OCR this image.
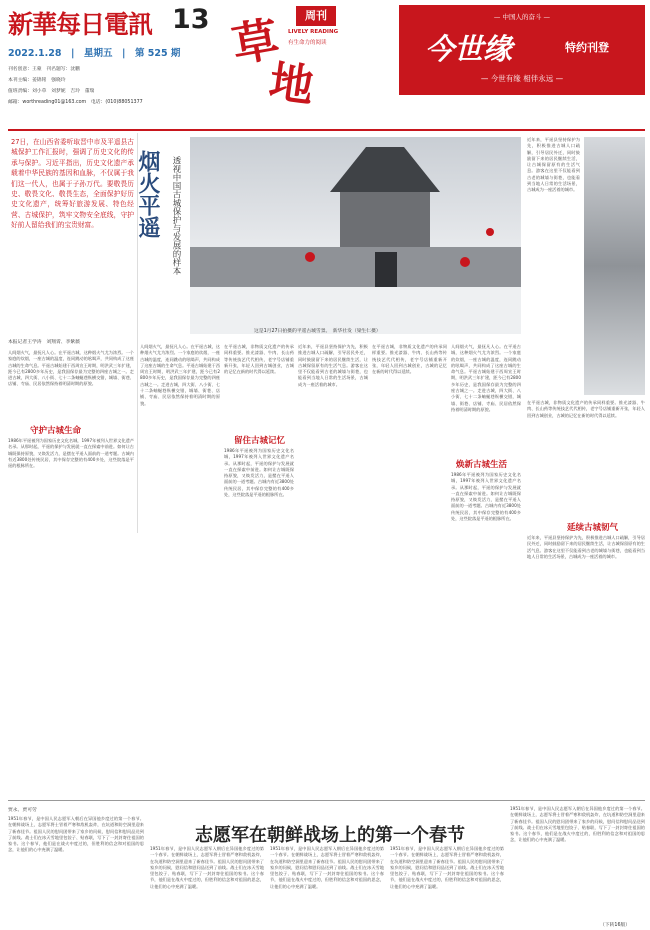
新華每日電訊 13
2022.1.28　|　星期五　|　第 525 期
刊名创意：王蒙　刊名题写：沈鹏
本刊主编：姜锦铭　强晓玲
值班责编：刘小草　刘梦妮　吉玲　董瑞
邮箱：worthreading01@163.com　电话：(010)88051377
草	周刊
LIVELY READING
有生命力的阅读
地
— 中国人的奋斗 —
今世缘	特约刊登
— 今世有缘 相伴永远 —
27日，在山西省委听取晋中市及平遥县古城保护工作汇报时，强调了历史文化的传承与保护。习近平指出，历史文化遗产承载着中华民族的基因和血脉，不仅属于我们这一代人，也属于子孙万代。要敬畏历史、敬畏文化、敬畏生态，全面保护好历史文化遗产，统筹好旅游发展、特色经营、古城保护，筑牢文物安全底线，守护好前人留给我们的宝贵财富。
本报记者王学涛　刘翔霄、李紫薇
人间烟火气，最抚凡人心。在平遥古城，这种烟火气尤为浓烈。一个家庭的炊烟，一座古城的温度，连同跳动的吆喝声，共同构成了这座古城的生命气息。平遥古城始建于西周宣王时期，明洪武三年扩建，距今已有2800多年历史，是我国保存最为完整的四座古城之一。走进古城，四大街、八小街、七十二条蚰蜒巷纵横交错，城墙、街巷、店铺、寺庙、民居依然保持着明清时期的原貌。
守护古城生命
1986年平遥被列为国家历史文化名城，1997年被列入世界文化遗产名录。从那时起，平遥的保护与发展就一直在探索中前进。如何让古城既保持原貌，又焕发活力，是摆在平遥人面前的一道考题。古城内有近3800处传统民居，其中保存完整的有400多处，这些院落是平遥的根脉所在。
烟火平遥 透视中国古城保护与发展的样本
这是1月27日拍摄的平遥古城雪景。　新华社发（梁生仁摄）
近年来，平遥县坚持保护为先，积极推进古城人口疏解，引导居民外迁，同时鼓励留下来的居民继续生活，让古城保留原有的生活气息。游客在这里不仅能看到古老的城墙与街巷，也能看到当地人日常的生活场景，古城成为一座活着的城市。
人间烟火气，最抚凡人心。在平遥古城，这种烟火气尤为浓烈。一个家庭的炊烟，一座古城的温度，连同跳动的吆喝声，共同构成了这座古城的生命气息。平遥古城始建于西周宣王时期，明洪武三年扩建，距今已有2800多年历史，是我国保存最为完整的四座古城之一。走进古城，四大街、八小街、七十二条蚰蜒巷纵横交错，城墙、街巷、店铺、寺庙、民居依然保持着明清时期的原貌。
在平遥古城，非物质文化遗产的传承同样重要。推光漆器、牛肉、长山药等传统技艺代代相传，老字号店铺重新开张，年轻人回到古城创业，古城的记忆在新的时代得以延续。
留住古城记忆
1986年平遥被列为国家历史文化名城，1997年被列入世界文化遗产名录。从那时起，平遥的保护与发展就一直在探索中前进。如何让古城既保持原貌，又焕发活力，是摆在平遥人面前的一道考题。古城内有近3800处传统民居，其中保存完整的有400多处，这些院落是平遥的根脉所在。
近年来，平遥县坚持保护为先，积极推进古城人口疏解，引导居民外迁，同时鼓励留下来的居民继续生活，让古城保留原有的生活气息。游客在这里不仅能看到古老的城墙与街巷，也能看到当地人日常的生活场景，古城成为一座活着的城市。
在平遥古城，非物质文化遗产的传承同样重要。推光漆器、牛肉、长山药等传统技艺代代相传，老字号店铺重新开张，年轻人回到古城创业，古城的记忆在新的时代得以延续。
人间烟火气，最抚凡人心。在平遥古城，这种烟火气尤为浓烈。一个家庭的炊烟，一座古城的温度，连同跳动的吆喝声，共同构成了这座古城的生命气息。平遥古城始建于西周宣王时期，明洪武三年扩建，距今已有2800多年历史，是我国保存最为完整的四座古城之一。走进古城，四大街、八小街、七十二条蚰蜒巷纵横交错，城墙、街巷、店铺、寺庙、民居依然保持着明清时期的原貌。
焕新古城生活
1986年平遥被列为国家历史文化名城，1997年被列入世界文化遗产名录。从那时起，平遥的保护与发展就一直在探索中前进。如何让古城既保持原貌，又焕发活力，是摆在平遥人面前的一道考题。古城内有近3800处传统民居，其中保存完整的有400多处，这些院落是平遥的根脉所在。
在平遥古城，非物质文化遗产的传承同样重要。推光漆器、牛肉、长山药等传统技艺代代相传，老字号店铺重新开张，年轻人回到古城创业，古城的记忆在新的时代得以延续。
延续古城韧气
近年来，平遥县坚持保护为先，积极推进古城人口疏解，引导居民外迁，同时鼓励留下来的居民继续生活，让古城保留原有的生活气息。游客在这里不仅能看到古老的城墙与街巷，也能看到当地人日常的生活场景，古城成为一座活着的城市。
贾永、贾可劳
志愿军在朝鲜战场上的第一个春节
1951年春节，是中国人民志愿军入朝后在异国他乡度过的第一个春节。在朝鲜战场上，志愿军将士冒着严寒和敌机轰炸，在坑道和防空洞里迎来了新春佳节。祖国人民的慰问团带来了家乡的问候，慰问信和慰问品送到了前线。战士们在冰天雪地里包饺子、贴春联，写下了一封封寄往祖国的家书。这个春节，他们是在战火中度过的，但胜利的信念和对祖国的思念，让他们的心中充满了温暖。	1951年春节，是中国人民志愿军入朝后在异国他乡度过的第一个春节。在朝鲜战场上，志愿军将士冒着严寒和敌机轰炸，在坑道和防空洞里迎来了新春佳节。祖国人民的慰问团带来了家乡的问候，慰问信和慰问品送到了前线。战士们在冰天雪地里包饺子、贴春联，写下了一封封寄往祖国的家书。这个春节，他们是在战火中度过的，但胜利的信念和对祖国的思念，让他们的心中充满了温暖。
1951年春节，是中国人民志愿军入朝后在异国他乡度过的第一个春节。在朝鲜战场上，志愿军将士冒着严寒和敌机轰炸，在坑道和防空洞里迎来了新春佳节。祖国人民的慰问团带来了家乡的问候，慰问信和慰问品送到了前线。战士们在冰天雪地里包饺子、贴春联，写下了一封封寄往祖国的家书。这个春节，他们是在战火中度过的，但胜利的信念和对祖国的思念，让他们的心中充满了温暖。
1951年春节，是中国人民志愿军入朝后在异国他乡度过的第一个春节。在朝鲜战场上，志愿军将士冒着严寒和敌机轰炸，在坑道和防空洞里迎来了新春佳节。祖国人民的慰问团带来了家乡的问候，慰问信和慰问品送到了前线。战士们在冰天雪地里包饺子、贴春联，写下了一封封寄往祖国的家书。这个春节，他们是在战火中度过的，但胜利的信念和对祖国的思念，让他们的心中充满了温暖。
1951年春节，是中国人民志愿军入朝后在异国他乡度过的第一个春节。在朝鲜战场上，志愿军将士冒着严寒和敌机轰炸，在坑道和防空洞里迎来了新春佳节。祖国人民的慰问团带来了家乡的问候，慰问信和慰问品送到了前线。战士们在冰天雪地里包饺子、贴春联，写下了一封封寄往祖国的家书。这个春节，他们是在战火中度过的，但胜利的信念和对祖国的思念，让他们的心中充满了温暖。
（下转16版）
